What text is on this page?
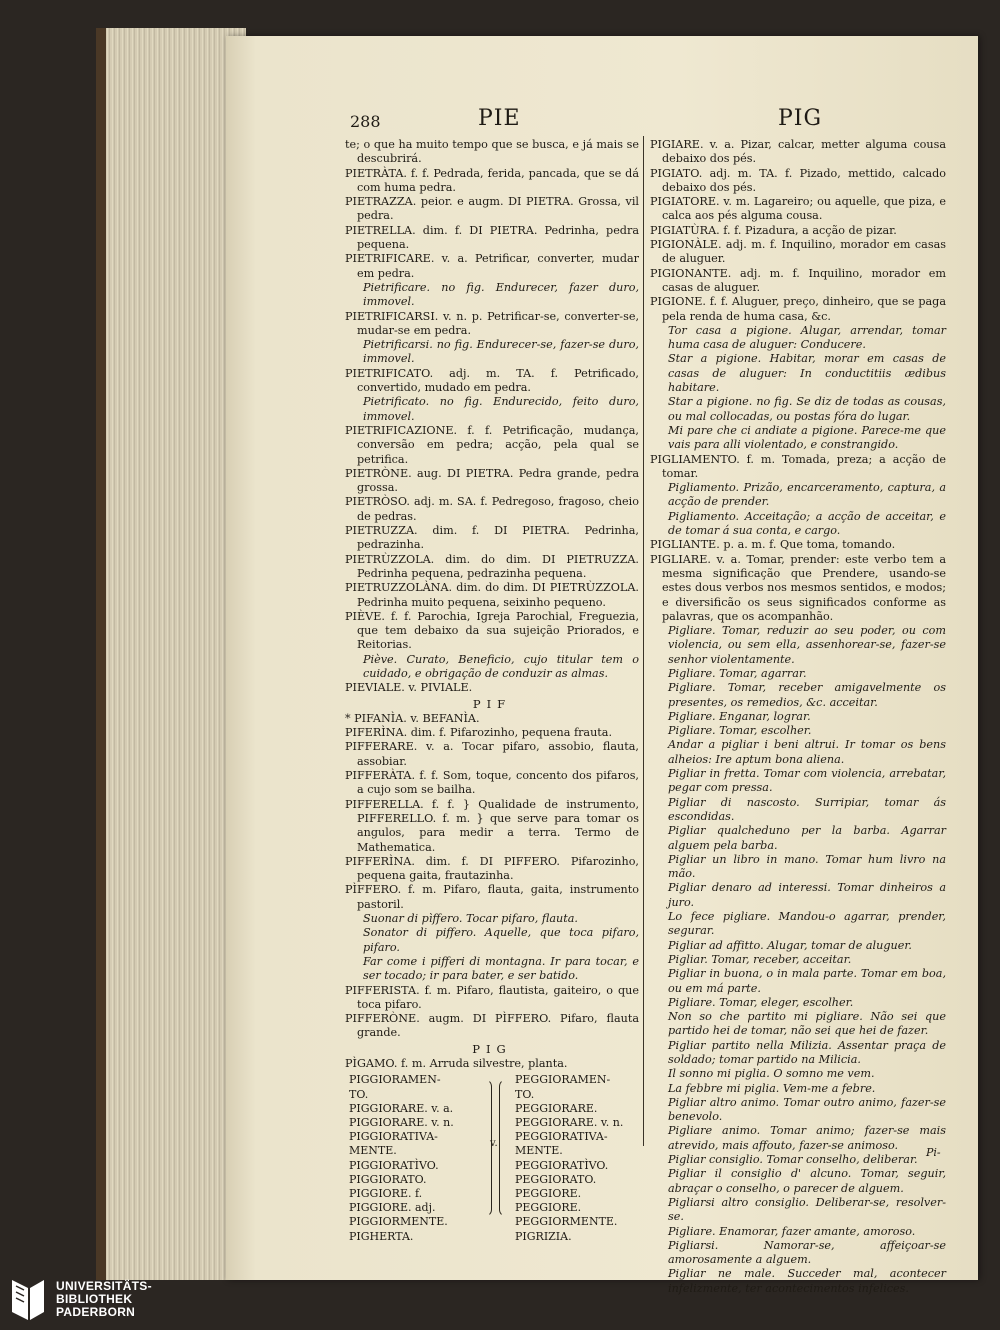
288	PIE	PIG

te; o que ha muito tempo que se busca, e já mais se descubrirá.

PIETRÀTA. f. f. Pedrada, ferida, pancada, que se dá com huma pedra.

PIETRAZZA. peior. e augm. DI PIETRA. Grossa, vil pedra.

PIETRELLA. dim. f. DI PIETRA. Pedrinha, pedra pequena.

PIETRIFICARE. v. a. Petrificar, converter, mudar em pedra.

Pietrificare. no fig. Endurecer, fazer duro, immovel.

PIETRIFICARSI. v. n. p. Petrificar-se, converter-se, mudar-se em pedra.

Pietrificarsi. no fig. Endurecer-se, fazer-se duro, immovel.

PIETRIFICATO. adj. m. TA. f. Petrificado, convertido, mudado em pedra.

Pietrificato. no fig. Endurecido, feito duro, immovel.

PIETRIFICAZIONE. f. f. Petrificação, mudança, conversão em pedra; acção, pela qual se petrifica.

PIETRÒNE. aug. DI PIETRA. Pedra grande, pedra grossa.

PIETRÒSO. adj. m. SA. f. Pedregoso, fragoso, cheio de pedras.

PIETRUZZA. dim. f. DI PIETRA. Pedrinha, pedrazinha.

PIETRÙZZOLA. dim. do dim. DI PIETRUZZA. Pedrinha pequena, pedrazinha pequena.

PIETRUZZOLÀNA. dim. do dim. DI PIETRÙZZOLA. Pedrinha muito pequena, seixinho pequeno.

PIÈVE. f. f. Parochia, Igreja Parochial, Freguezia, que tem debaixo da sua sujeição Priorados, e Reitorias.

Piève. Curato, Beneficio, cujo titular tem o cuidado, e obrigação de conduzir as almas.

PIEVIALE. v. PIVIALE.

PIF

* PIFANÌA. v. BEFANÌA.

PIFERÌNA. dim. f. Pifarozinho, pequena frauta.

PIFFERARE. v. a. Tocar pifaro, assobio, flauta, assobiar.

PIFFERÀTA. f. f. Som, toque, concento dos pifaros, a cujo som se bailha.

PIFFERELLA. f. f. } Qualidade de instrumento, PIFFERELLO. f. m. } que serve para tomar os angulos, para medir a terra. Termo de Mathematica.

PIFFERÌNA. dim. f. DI PIFFERO. Pifarozinho, pequena gaita, frautazinha.

PÌFFERO. f. m. Pifaro, flauta, gaita, instrumento pastoril.

Suonar di pìffero. Tocar pifaro, flauta.

Sonator di piffero. Aquelle, que toca pifaro, pifaro.

Far come i pifferi di montagna. Ir para tocar, e ser tocado; ir para bater, e ser batido.

PIFFERISTA. f. m. Pifaro, flautista, gaiteiro, o que toca pifaro.

PIFFERÒNE. augm. DI PÌFFERO. Pifaro, flauta grande.

PIG

PÌGAMO. f. m. Arruda silvestre, planta.

PIGGIORAMEN-
TO.
PIGGIORARE. v. a.
PIGGIORARE. v. n.
PIGGIORATIVA-
MENTE.
PIGGIORATÌVO.
PIGGIORATO.
PIGGIORE. f.
PIGGIORE. adj.
PIGGIORMENTE.
PIGHERTA.
v.
PEGGIORAMEN-
TO.
PEGGIORARE.
PEGGIORARE. v. n.
PEGGIORATIVA-
MENTE.
PEGGIORATÌVO.
PEGGIORATO.
PEGGIORE.
PEGGIORE.
PEGGIORMENTE.
PIGRIZIA.

PIGIARE. v. a. Pizar, calcar, metter alguma cousa debaixo dos pés.

PIGIATO. adj. m. TA. f. Pizado, mettido, calcado debaixo dos pés.

PIGIATORE. v. m. Lagareiro; ou aquelle, que piza, e calca aos pés alguma cousa.

PIGIATÙRA. f. f. Pizadura, a acção de pizar.

PIGIONÀLE. adj. m. f. Inquilino, morador em casas de aluguer.

PIGIONANTE. adj. m. f. Inquilino, morador em casas de aluguer.

PIGIONE. f. f. Aluguer, preço, dinheiro, que se paga pela renda de huma casa, &c.

Tor casa a pigione. Alugar, arrendar, tomar huma casa de aluguer: Conducere.

Star a pigione. Habitar, morar em casas de casas de aluguer: In conductitiis ædibus habitare.

Star a pigione. no fig. Se diz de todas as cousas, ou mal collocadas, ou postas fóra do lugar.

Mi pare che ci andiate a pigione. Parece-me que vais para alli violentado, e constrangido.

PIGLIAMENTO. f. m. Tomada, preza; a acção de tomar.

Pigliamento. Prizão, encarceramento, captura, a acção de prender.

Pigliamento. Acceitação; a acção de acceitar, e de tomar á sua conta, e cargo.

PIGLIANTE. p. a. m. f. Que toma, tomando.

PIGLIARE. v. a. Tomar, prender: este verbo tem a mesma significação que Prendere, usando-se estes dous verbos nos mesmos sentidos, e modos; e diversificão os seus significados conforme as palavras, que os acompanhão.

Pigliare. Tomar, reduzir ao seu poder, ou com violencia, ou sem ella, assenhorear-se, fazer-se senhor violentamente.

Pigliare. Tomar, agarrar.

Pigliare. Tomar, receber amigavelmente os presentes, os remedios, &c. acceitar.

Pigliare. Enganar, lograr.

Pigliare. Tomar, escolher.

Andar a pigliar i beni altrui. Ir tomar os bens alheios: Ire aptum bona aliena.

Pigliar in fretta. Tomar com violencia, arrebatar, pegar com pressa.

Pigliar di nascosto. Surripiar, tomar ás escondidas.

Pigliar qualcheduno per la barba. Agarrar alguem pela barba.

Pigliar un libro in mano. Tomar hum livro na mão.

Pigliar denaro ad interessi. Tomar dinheiros a juro.

Lo fece pigliare. Mandou-o agarrar, prender, segurar.

Pigliar ad affitto. Alugar, tomar de aluguer.

Pigliar. Tomar, receber, acceitar.

Pigliar in buona, o in mala parte. Tomar em boa, ou em má parte.

Pigliare. Tomar, eleger, escolher.

Non so che partito mi pigliare. Não sei que partido hei de tomar, não sei que hei de fazer.

Pigliar partito nella Milizia. Assentar praça de soldado; tomar partido na Milicia.

Il sonno mi piglia. O somno me vem.

La febbre mi piglia. Vem-me a febre.

Pigliar altro animo. Tomar outro animo, fazer-se benevolo.

Pigliare animo. Tomar animo; fazer-se mais atrevido, mais affouto, fazer-se animoso.

Pigliar consiglio. Tomar conselho, deliberar.

Pigliar il consiglio d' alcuno. Tomar, seguir, abraçar o conselho, o parecer de alguem.

Pigliarsi altro consiglio. Deliberar-se, resolver-se.

Pigliare. Enamorar, fazer amante, amoroso.

Pigliarsi. Namorar-se, affeiçoar-se amorosamente a alguem.

Pigliar ne male. Succeder mal, acontecer infelizmente, ter acontecimentos infelices.

Pi-
UNIVERSITÄTS-
BIBLIOTHEK
PADERBORN
